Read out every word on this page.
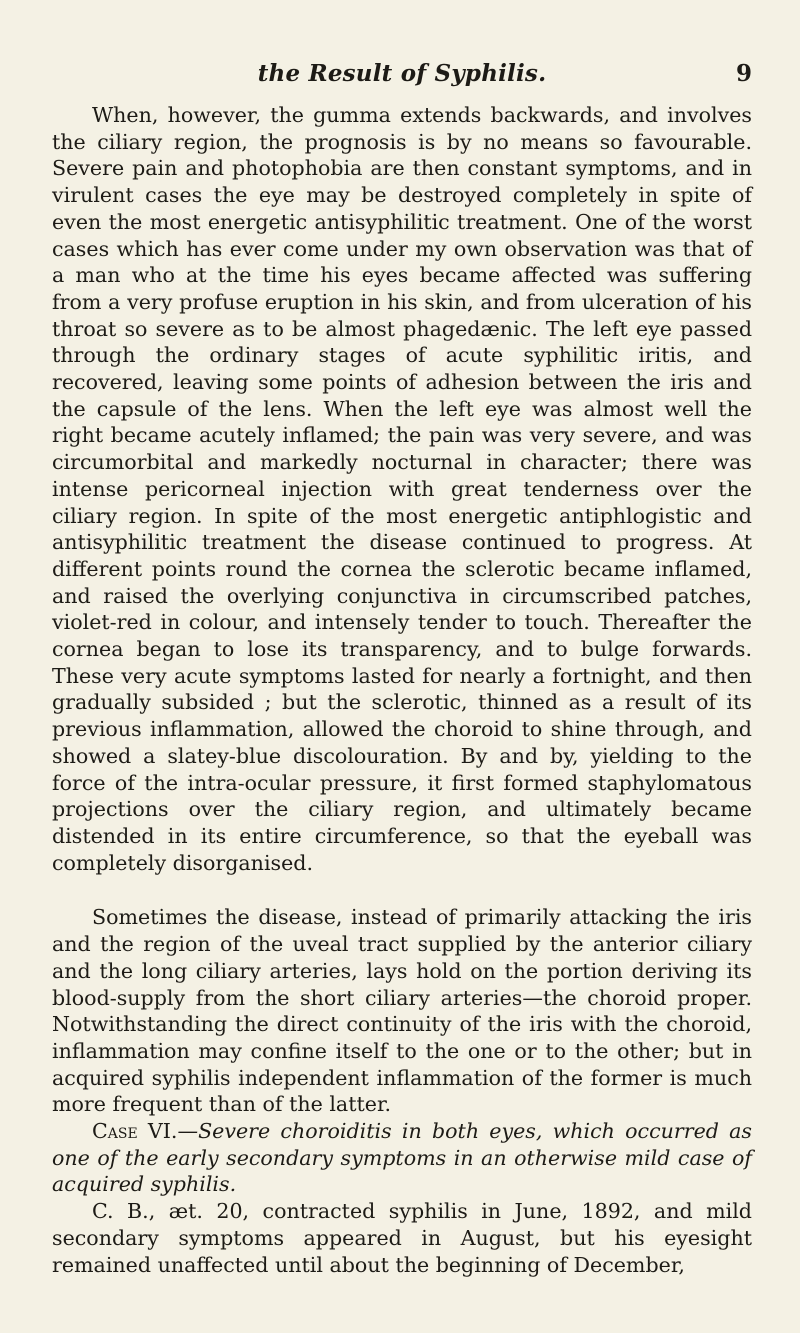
the Result of Syphilis.	9

When, however, the gumma extends backwards, and involves the ciliary region, the prognosis is by no means so favourable. Severe pain and photophobia are then constant symptoms, and in virulent cases the eye may be destroyed completely in spite of even the most energetic antisyphilitic treatment. One of the worst cases which has ever come under my own observation was that of a man who at the time his eyes became affected was suffering from a very profuse eruption in his skin, and from ulceration of his throat so severe as to be almost phagedænic. The left eye passed through the ordinary stages of acute syphilitic iritis, and recovered, leaving some points of adhesion between the iris and the capsule of the lens. When the left eye was almost well the right became acutely inflamed; the pain was very severe, and was circumorbital and markedly nocturnal in character; there was intense pericorneal injection with great tenderness over the ciliary region. In spite of the most energetic antiphlogistic and antisyphilitic treatment the disease continued to progress. At different points round the cornea the sclerotic became inflamed, and raised the overlying conjunctiva in circumscribed patches, violet-red in colour, and intensely tender to touch. Thereafter the cornea began to lose its transparency, and to bulge forwards. These very acute symptoms lasted for nearly a fortnight, and then gradually subsided ; but the sclerotic, thinned as a result of its previous inflammation, allowed the choroid to shine through, and showed a slatey-blue discolouration. By and by, yielding to the force of the intra-ocular pressure, it first formed staphylomatous projections over the ciliary region, and ultimately became distended in its entire circumference, so that the eyeball was completely disorganised.

Sometimes the disease, instead of primarily attacking the iris and the region of the uveal tract supplied by the anterior ciliary and the long ciliary arteries, lays hold on the portion deriving its blood-supply from the short ciliary arteries—the choroid proper. Notwithstanding the direct continuity of the iris with the choroid, inflammation may confine itself to the one or to the other; but in acquired syphilis independent inflammation of the former is much more frequent than of the latter.

Case VI.—Severe choroiditis in both eyes, which occurred as one of the early secondary symptoms in an otherwise mild case of acquired syphilis.

C. B., æt. 20, contracted syphilis in June, 1892, and mild secondary symptoms appeared in August, but his eyesight remained unaffected until about the beginning of December,
